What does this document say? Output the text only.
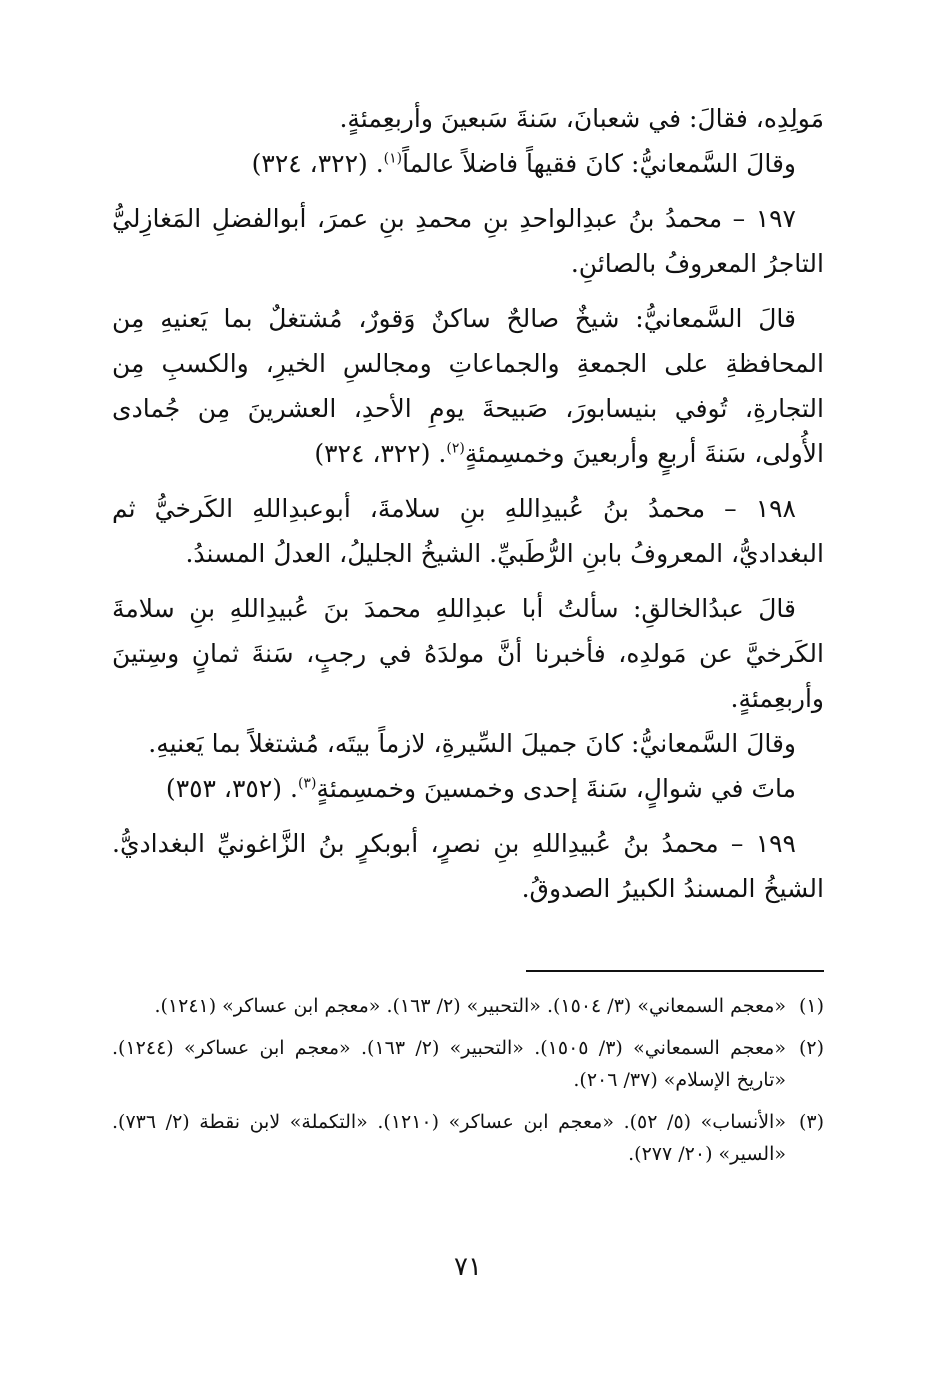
مَولِدِه، فقالَ: في شعبانَ، سَنةَ سَبعينَ وأربعِمئةٍ.

وقالَ السَّمعانيُّ: كانَ فقيهاً فاضلاً عالماً$^{(١)}$. (٣٢٢، ٣٢٤)

١٩٧ – محمدُ بنُ عبدِالواحدِ بنِ محمدِ بنِ عمرَ، أبوالفضلِ المَغازِليُّ التاجرُ المعروفُ بالصائنِ.

قالَ السَّمعانيُّ: شيخٌ صالحٌ ساكنٌ وَقورٌ، مُشتغلٌ بما يَعنيهِ مِن المحافظةِ على الجمعةِ والجماعاتِ ومجالسِ الخيرِ، والكسبِ مِن التجارةِ، تُوفي بنيسابورَ، صَبيحةَ يومِ الأحدِ، العشرينَ مِن جُمادى الأُولى، سَنةَ أربعٍ وأربعينَ وخمسِمئةٍ$^{(٢)}$. (٣٢٢، ٣٢٤)

١٩٨ – محمدُ بنُ عُبيدِاللهِ بنِ سلامةَ، أبوعبدِاللهِ الكَرخيُّ ثم البغداديُّ، المعروفُ بابنِ الرُّطَبيِّ. الشيخُ الجليلُ، العدلُ المسندُ.

قالَ عبدُالخالقِ: سألتُ أبا عبدِاللهِ محمدَ بنَ عُبيدِاللهِ بنِ سلامةَ الكَرخيَّ عن مَولدِه، فأخبرنا أنَّ مولدَهُ في رجبٍ، سَنةَ ثمانٍ وسِتينَ وأربعِمئةٍ.

وقالَ السَّمعانيُّ: كانَ جميلَ السِّيرةِ، لازماً بيتَه، مُشتغلاً بما يَعنيهِ.

ماتَ في شوالٍ، سَنةَ إحدى وخمسينَ وخمسِمئةٍ$^{(٣)}$. (٣٥٢، ٣٥٣)

١٩٩ – محمدُ بنُ عُبيدِاللهِ بنِ نصرٍ، أبوبكرٍ بنُ الزَّاغونيِّ البغداديُّ. الشيخُ المسندُ الكبيرُ الصدوقُ.

(١)
«معجم السمعاني» (٣/ ١٥٠٤). «التحبير» (٢/ ١٦٣). «معجم ابن عساكر» (١٢٤١).
(٢)
«معجم السمعاني» (٣/ ١٥٠٥). «التحبير» (٢/ ١٦٣). «معجم ابن عساكر» (١٢٤٤). «تاريخ الإسلام» (٣٧/ ٢٠٦).
(٣)
«الأنساب» (٥/ ٥٢). «معجم ابن عساكر» (١٢١٠). «التكملة» لابن نقطة (٢/ ٧٣٦). «السير» (٢٠/ ٢٧٧).
٧١
